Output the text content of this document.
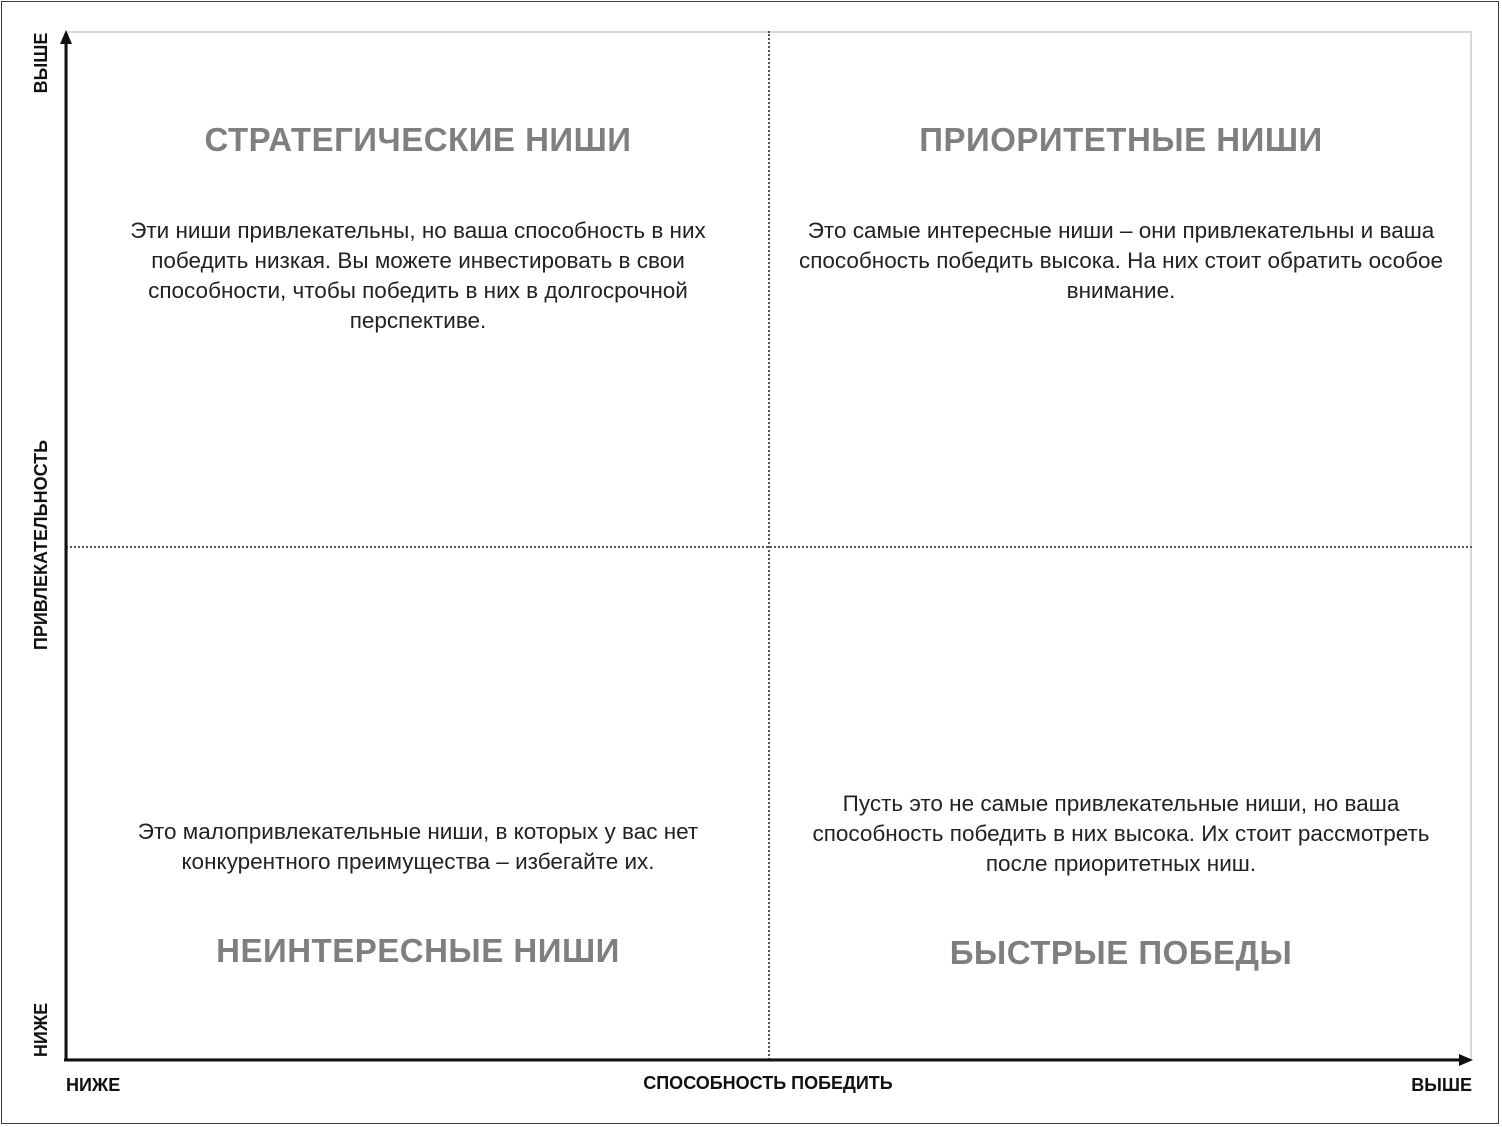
СТРАТЕГИЧЕСКИЕ НИШИ
Эти ниши привлекательны, но ваша способность в них победить низкая. Вы можете инвестировать в свои способности, чтобы победить в них в долгосрочной перспективе.
ПРИОРИТЕТНЫЕ НИШИ
Это самые интересные ниши – они привлекательны и ваша способность победить высока. На них стоит обратить особое внимание.
Это малопривлекательные ниши, в которых у вас нет конкурентного преимущества – избегайте их.
НЕИНТЕРЕСНЫЕ НИШИ
Пусть это не самые привлекательные ниши, но ваша способность победить в них высока. Их стоит рассмотреть после приоритетных ниш.
БЫСТРЫЕ ПОБЕДЫ
НИЖЕ	СПОСОБНОСТЬ ПОБЕДИТЬ	ВЫШЕ
ВЫШЕ
ПРИВЛЕКАТЕЛЬНОСТЬ
НИЖЕ
